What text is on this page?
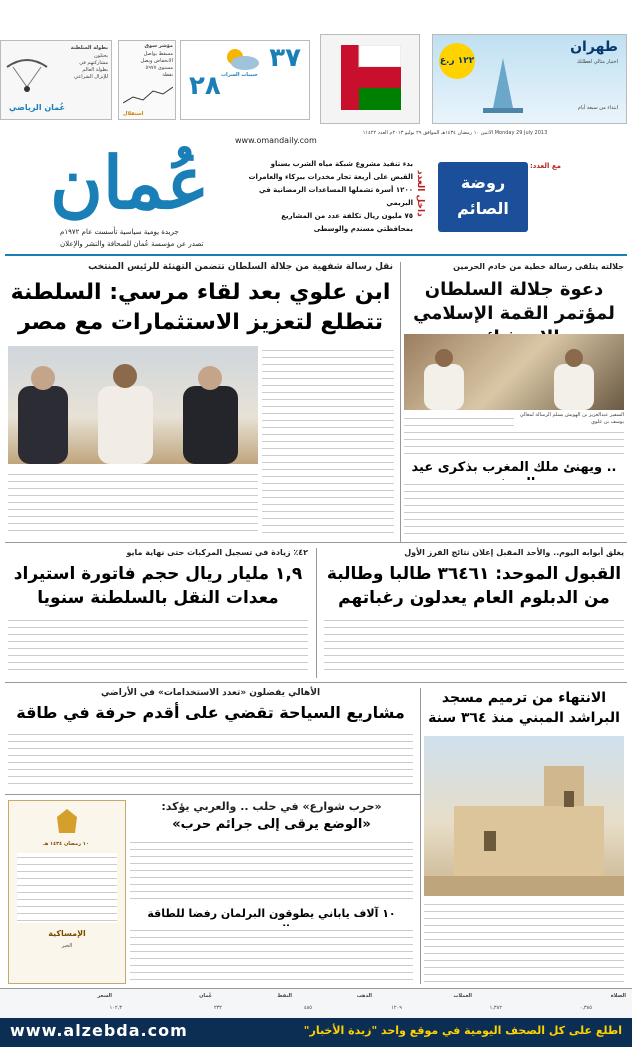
طهران
اختيار مثالي لعطلتك
١٢٢ ر.ع
ابتداء من سبعة أيام
٣٧
٢٨ حبيبات السراب
مؤشر سوق
مسقط يواصل
الانخفاض ويصل
مستوى ٥٩٧٧
نقطة
استقلال
بطولة السلطنة
يحتلون
مشاركتهم في
بطولة العالم
للإنزال الشراعي
عُمان الرياضي
عُمان
جريدة يومية سياسية تأسست عام ١٩٧٢م
تصدر عن مؤسسة عُمان للصحافة والنشر والإعلان
www.omandaily.com
الاثنين ١٠ رمضان ١٤٣٤هـ الموافق ٢٩ يوليو ٢٠١٣م العدد ١١٤٢٢ Monday 29 July 2013
بدء تنفيذ مشروع شبكة مياه الشرب بسناو
القبض على أربعة تجار مخدرات ببركاء والعامرات
١٢٠٠ أسرة تشملها المساعدات الرمضانية في البريمي
٧٥ مليون ريال تكلفة عدد من المشاريع بمحافظتي مسندم والوسطى
داخل العدد	روضة الصائم
مع العدد:
جلالته يتلقى رسالة خطية من خادم الحرمين
دعوة جلالة السلطان لمؤتمر القمة الإسلامي
السفير عبدالعزيز بن الهويش يسلم الرسالة لمعالي يوسف بن علوي
.. ويهنئ ملك المغرب بذكرى عيد
نقل رسالة شفهية من جلالة السلطان تتضمن التهنئة للرئيس المنتخب
ابن علوي بعد لقاء مرسي: السلطنة تتطلع لتعزيز الاستثمارات مع مصر
يغلق أبوابه اليوم.. والأحد المقبل إعلان نتائج الفرز الأول
القبول الموحد: ٣٦٤٦١ طالبا وطالبة من الدبلوم العام يعدلون رغباتهم
٤٢٪ زيادة في تسجيل المركبات حتى نهاية مايو
١,٩ مليار ريال حجم فاتورة استيراد معدات النقل بالسلطنة سنويا
الانتهاء من ترميم مسجد البراشد المبني منذ ٣٦٤ سنة
الأهالي يفضلون «تعدد الاستخدامات» في الأراضي
مشاريع السياحة تقضي على أقدم حرفة في طاقة
«حرب شوارع» في حلب .. والعربي يؤكد:
«الوضع يرقى إلى جرائم حرب»
١٠ رمضان ١٤٣٤ هـ
الإمساكية
الخير
١٠ آلاف ياباني يطوقون البرلمان رفضا للطاقة
الصلاة
العملات
الذهب
النفط
عُمان
السعر
٠,٣٨٥
١,٣٨٢
١٢٠٩
٤٨٥
٢٣٢
١٠٢,٣
www.alzebda.com	اطلع على كل الصحف اليومية في موقع واحد "زبدة الأخبار"
